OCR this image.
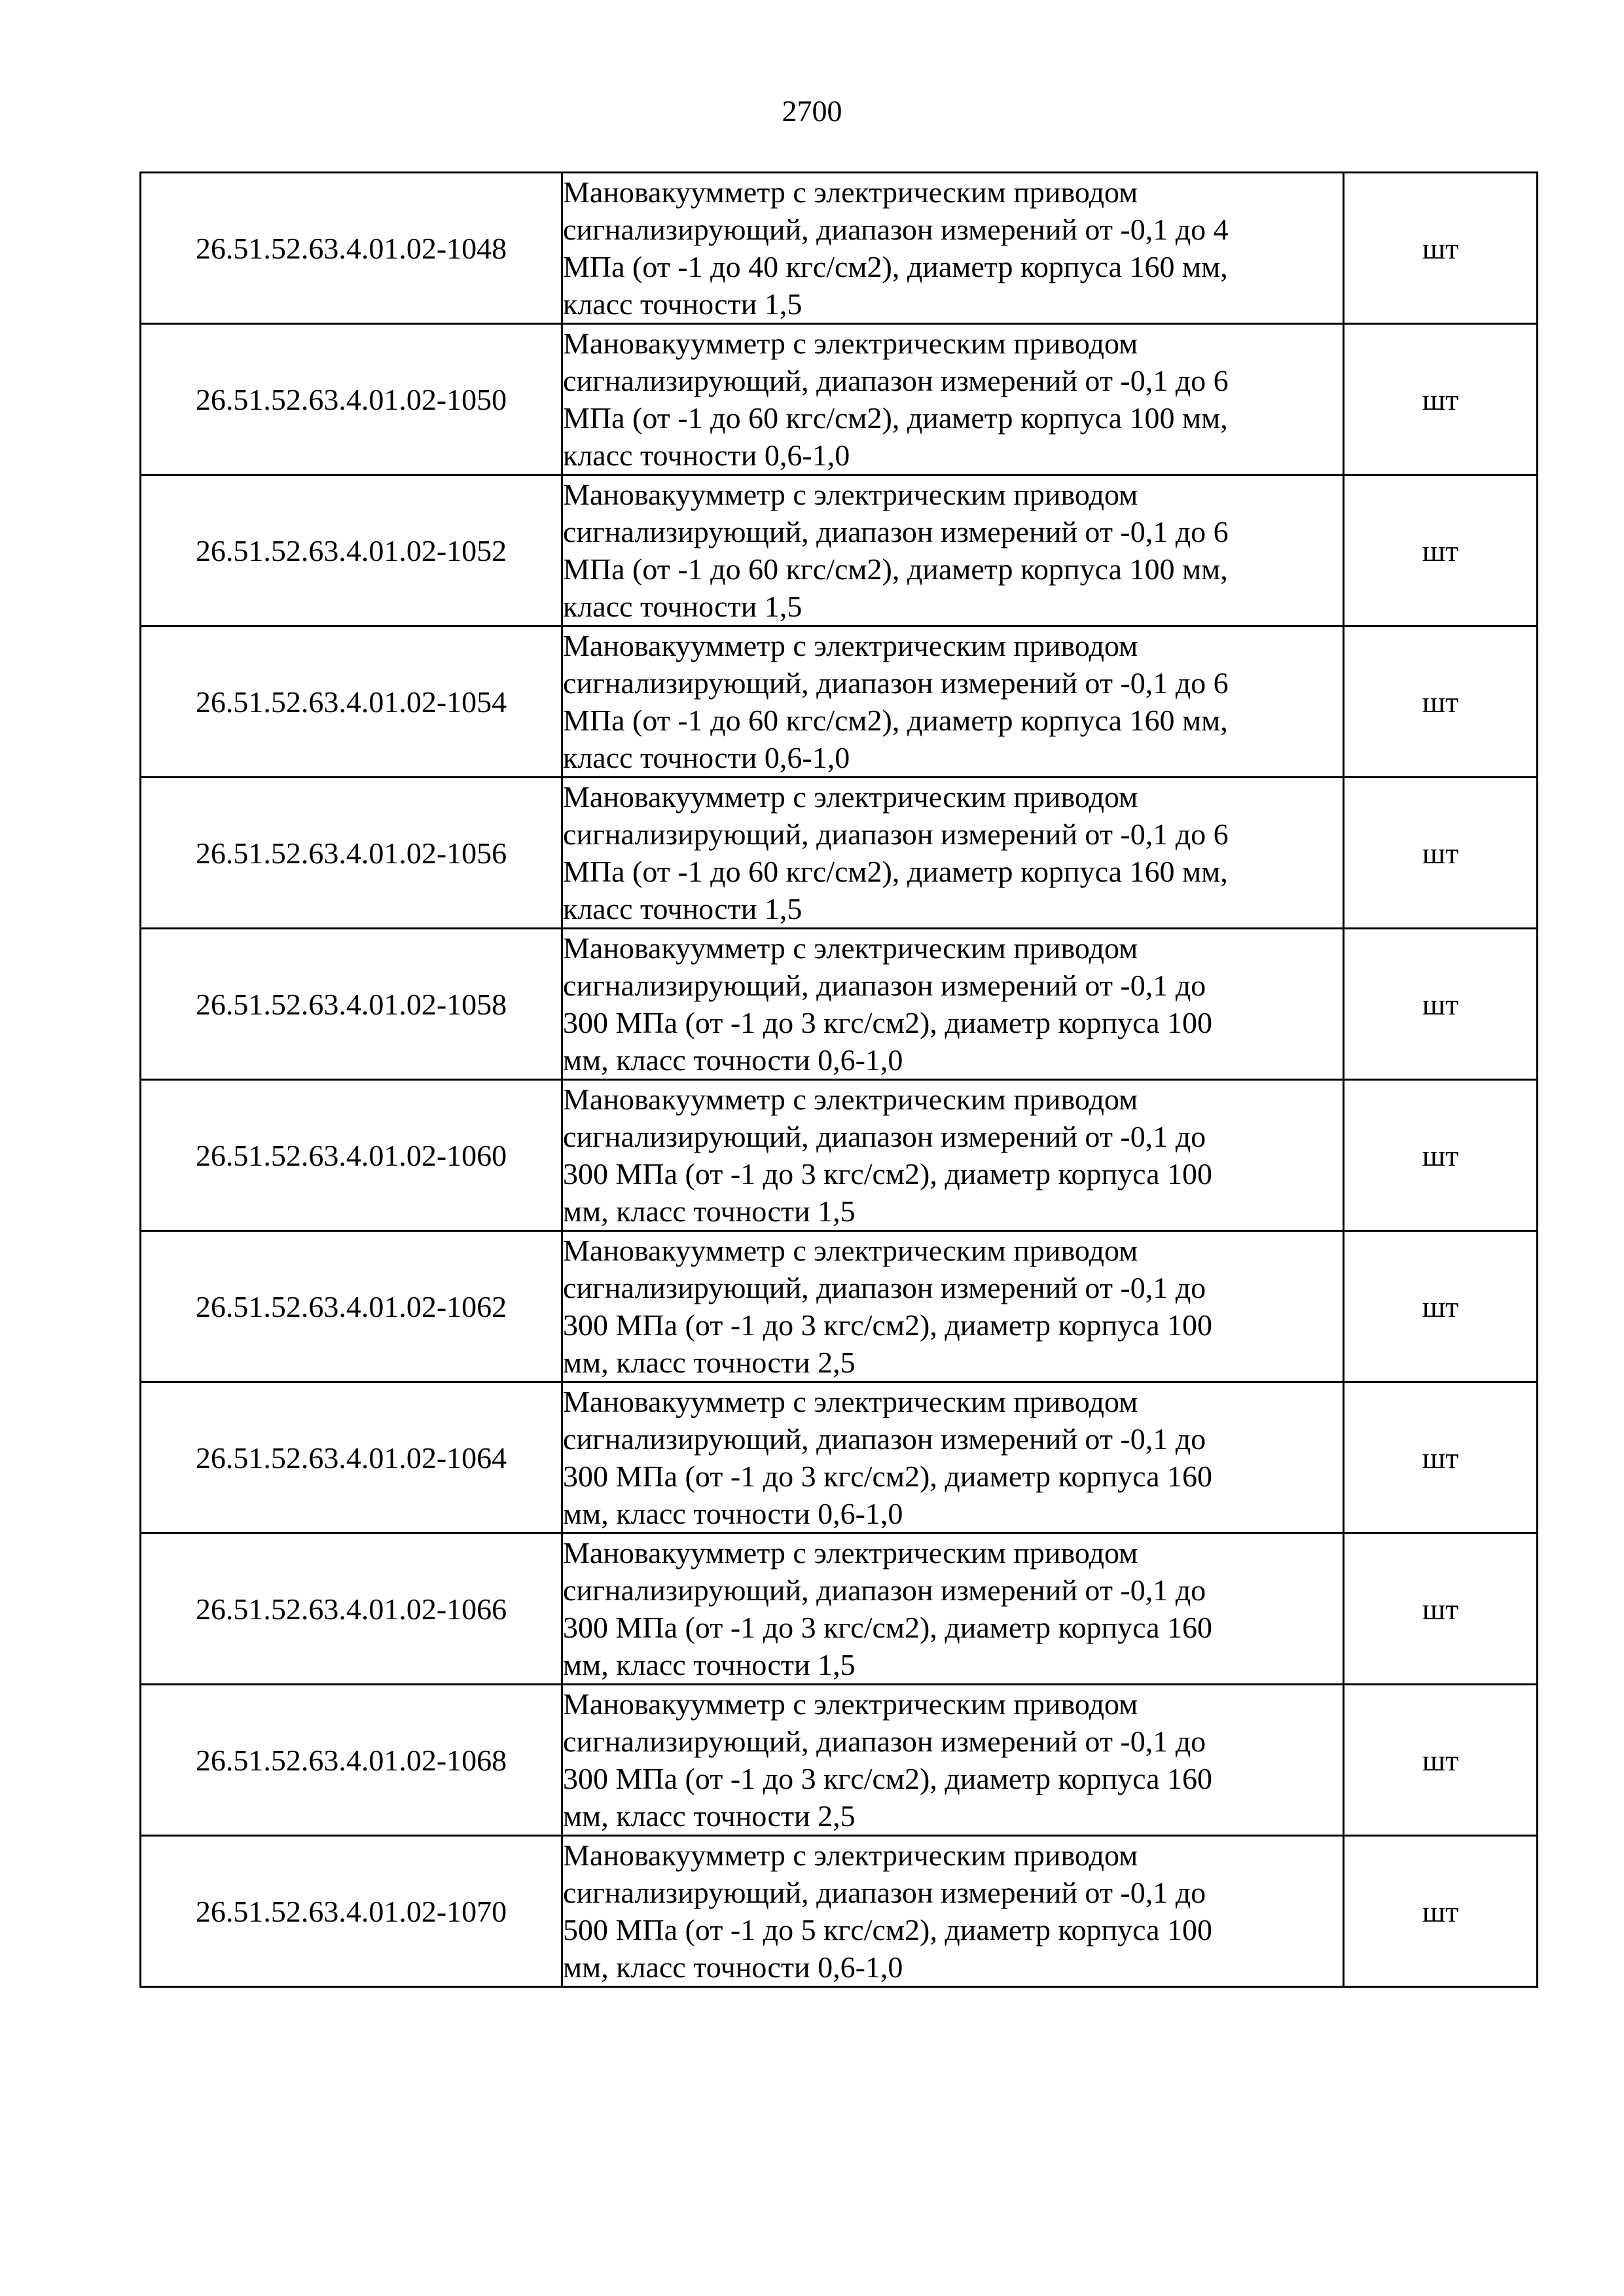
2700
26.51.52.63.4.01.02-1048	Мановакуумметр с электрическим приводом
сигнализирующий, диапазон измерений от -0,1 до 4
МПа (от -1 до 40 кгс/см2), диаметр корпуса 160 мм,
класс точности 1,5	шт
26.51.52.63.4.01.02-1050	Мановакуумметр с электрическим приводом
сигнализирующий, диапазон измерений от -0,1 до 6
МПа (от -1 до 60 кгс/см2), диаметр корпуса 100 мм,
класс точности 0,6-1,0	шт
26.51.52.63.4.01.02-1052	Мановакуумметр с электрическим приводом
сигнализирующий, диапазон измерений от -0,1 до 6
МПа (от -1 до 60 кгс/см2), диаметр корпуса 100 мм,
класс точности 1,5	шт
26.51.52.63.4.01.02-1054	Мановакуумметр с электрическим приводом
сигнализирующий, диапазон измерений от -0,1 до 6
МПа (от -1 до 60 кгс/см2), диаметр корпуса 160 мм,
класс точности 0,6-1,0	шт
26.51.52.63.4.01.02-1056	Мановакуумметр с электрическим приводом
сигнализирующий, диапазон измерений от -0,1 до 6
МПа (от -1 до 60 кгс/см2), диаметр корпуса 160 мм,
класс точности 1,5	шт
26.51.52.63.4.01.02-1058	Мановакуумметр с электрическим приводом
сигнализирующий, диапазон измерений от -0,1 до
300 МПа (от -1 до 3 кгс/см2), диаметр корпуса 100
мм, класс точности 0,6-1,0	шт
26.51.52.63.4.01.02-1060	Мановакуумметр с электрическим приводом
сигнализирующий, диапазон измерений от -0,1 до
300 МПа (от -1 до 3 кгс/см2), диаметр корпуса 100
мм, класс точности 1,5	шт
26.51.52.63.4.01.02-1062	Мановакуумметр с электрическим приводом
сигнализирующий, диапазон измерений от -0,1 до
300 МПа (от -1 до 3 кгс/см2), диаметр корпуса 100
мм, класс точности 2,5	шт
26.51.52.63.4.01.02-1064	Мановакуумметр с электрическим приводом
сигнализирующий, диапазон измерений от -0,1 до
300 МПа (от -1 до 3 кгс/см2), диаметр корпуса 160
мм, класс точности 0,6-1,0	шт
26.51.52.63.4.01.02-1066	Мановакуумметр с электрическим приводом
сигнализирующий, диапазон измерений от -0,1 до
300 МПа (от -1 до 3 кгс/см2), диаметр корпуса 160
мм, класс точности 1,5	шт
26.51.52.63.4.01.02-1068	Мановакуумметр с электрическим приводом
сигнализирующий, диапазон измерений от -0,1 до
300 МПа (от -1 до 3 кгс/см2), диаметр корпуса 160
мм, класс точности 2,5	шт
26.51.52.63.4.01.02-1070	Мановакуумметр с электрическим приводом
сигнализирующий, диапазон измерений от -0,1 до
500 МПа (от -1 до 5 кгс/см2), диаметр корпуса 100
мм, класс точности 0,6-1,0	шт
